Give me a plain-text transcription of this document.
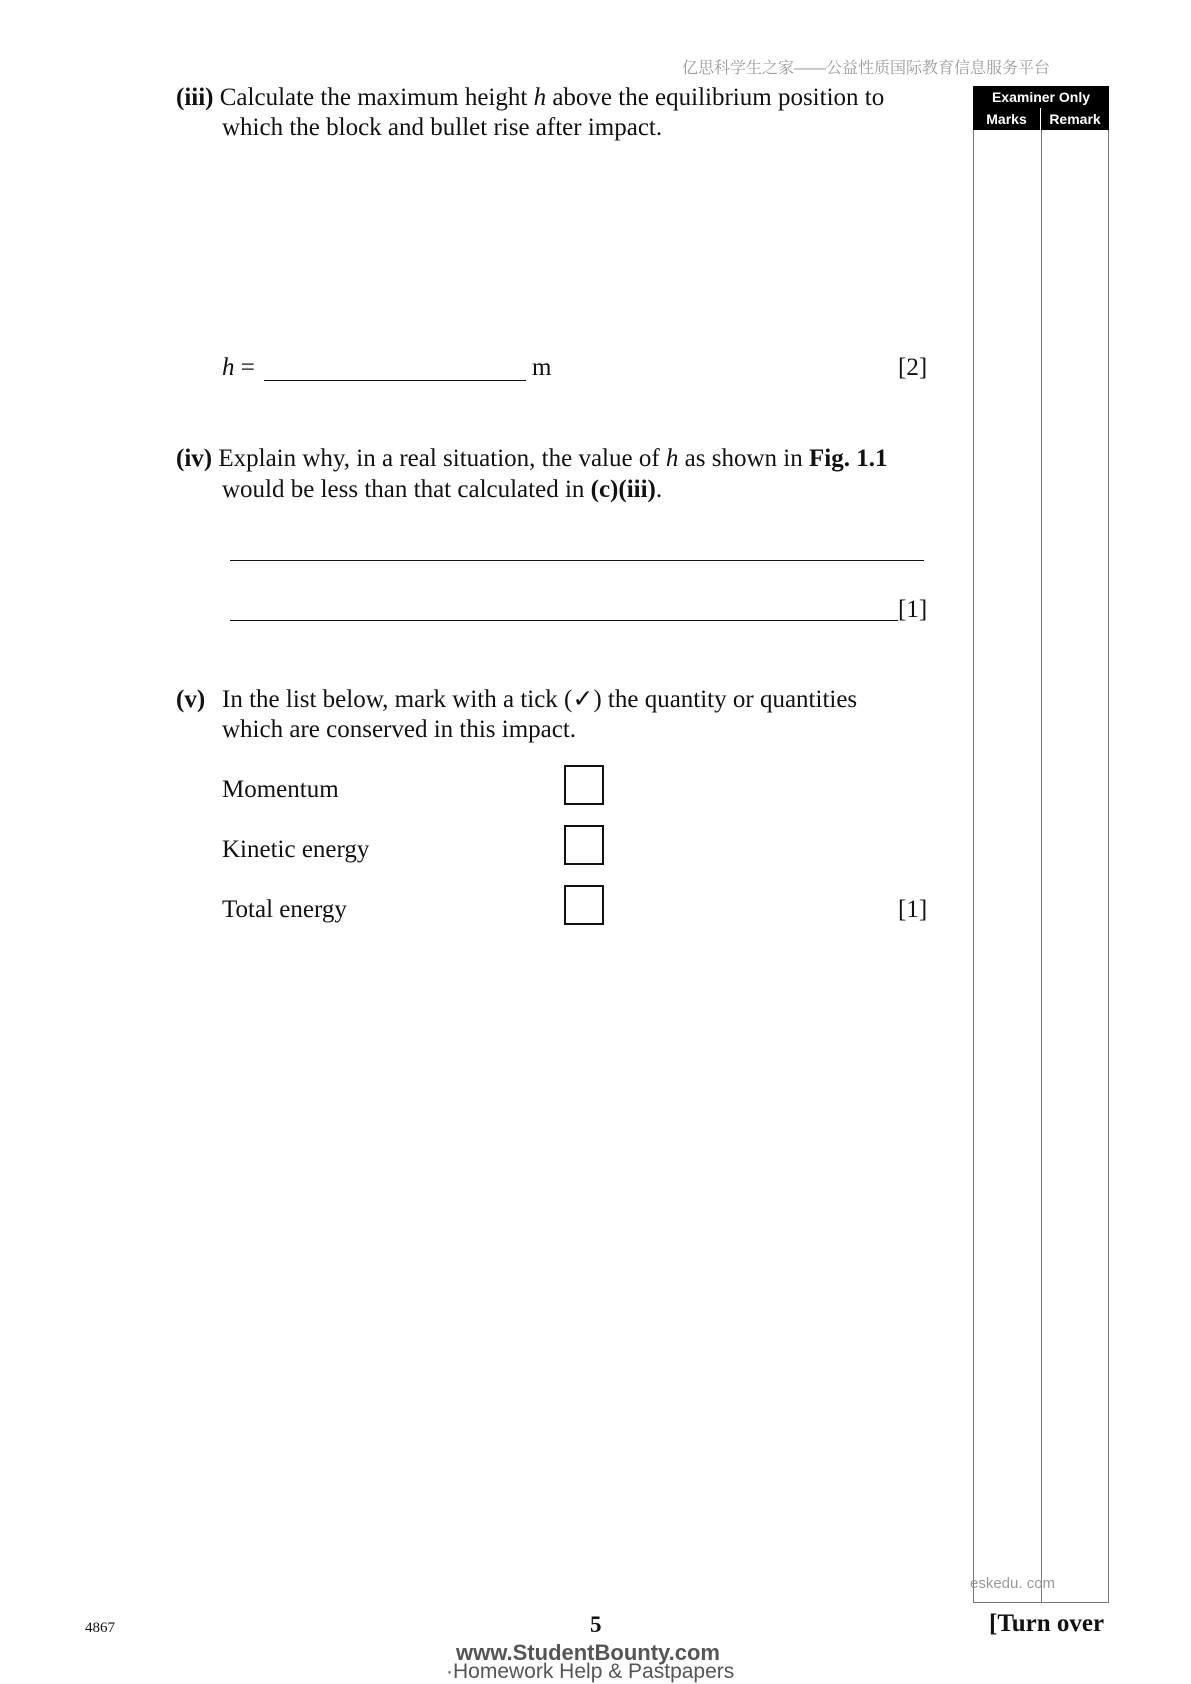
亿思科学生之家——公益性质国际教育信息服务平台
Examiner Only
Marks	Remark
(iii) Calculate the maximum height h above the equilibrium position to
which the block and bullet rise after impact.
h =	m	[2]
(iv) Explain why, in a real situation, the value of h as shown in Fig. 1.1
would be less than that calculated in (c)(iii).
[1]
(v) In the list below, mark with a tick (✓) the quantity or quantities
which are conserved in this impact.
Momentum
Kinetic energy
Total energy	[1]
eskedu. com
4867	5	[Turn over
www.StudentBounty.com
·Homework Help & Pastpapers
